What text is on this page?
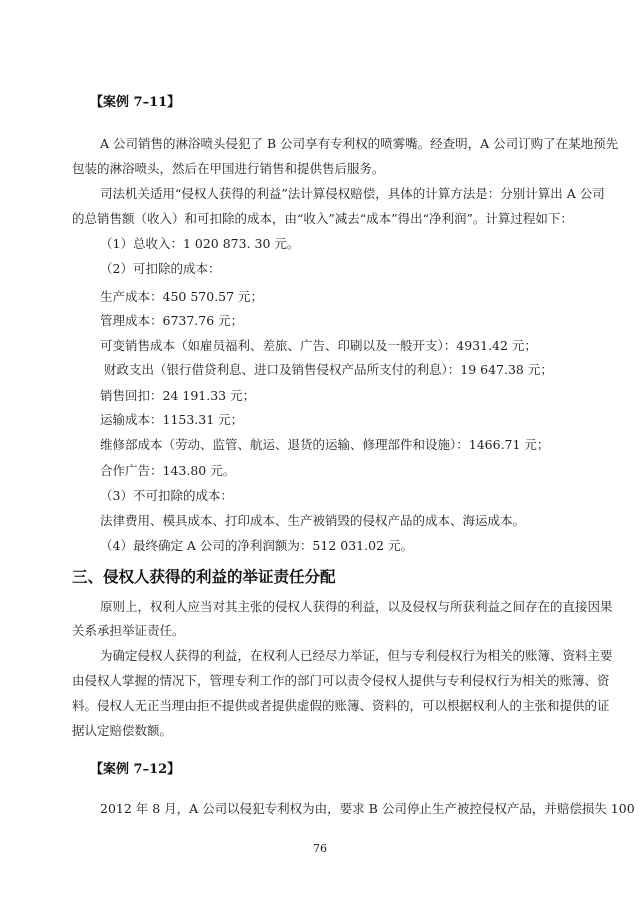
【案例 7–11】
A 公司销售的淋浴喷头侵犯了 B 公司享有专利权的喷雾嘴。经查明，A 公司订购了在某地预先
包装的淋浴喷头，然后在甲国进行销售和提供售后服务。
司法机关适用“侵权人获得的利益”法计算侵权赔偿，具体的计算方法是：分别计算出 A 公司
的总销售额（收入）和可扣除的成本，由“收入”减去“成本”得出“净利润”。计算过程如下：
（1）总收入：1 020 873. 30 元。
（2）可扣除的成本：
生产成本：450 570.57 元；
管理成本：6737.76 元；
可变销售成本（如雇员福利、差旅、广告、印刷以及一般开支）：4931.42 元；
财政支出（银行借贷利息、进口及销售侵权产品所支付的利息）：19 647.38 元；
销售回扣：24 191.33 元；
运输成本：1153.31 元；
维修部成本（劳动、监管、航运、退货的运输、修理部件和设施）：1466.71 元；
合作广告：143.80 元。
（3）不可扣除的成本：
法律费用、模具成本、打印成本、生产被销毁的侵权产品的成本、海运成本。
（4）最终确定 A 公司的净利润额为：512 031.02 元。
三、侵权人获得的利益的举证责任分配
原则上，权利人应当对其主张的侵权人获得的利益，以及侵权与所获利益之间存在的直接因果
关系承担举证责任。
为确定侵权人获得的利益，在权利人已经尽力举证，但与专利侵权行为相关的账簿、资料主要
由侵权人掌握的情况下，管理专利工作的部门可以责令侵权人提供与专利侵权行为相关的账簿、资
料。侵权人无正当理由拒不提供或者提供虚假的账簿、资料的，可以根据权利人的主张和提供的证
据认定赔偿数额。
【案例 7–12】
2012 年 8 月，A 公司以侵犯专利权为由，要求 B 公司停止生产被控侵权产品，并赔偿损失 100
76
